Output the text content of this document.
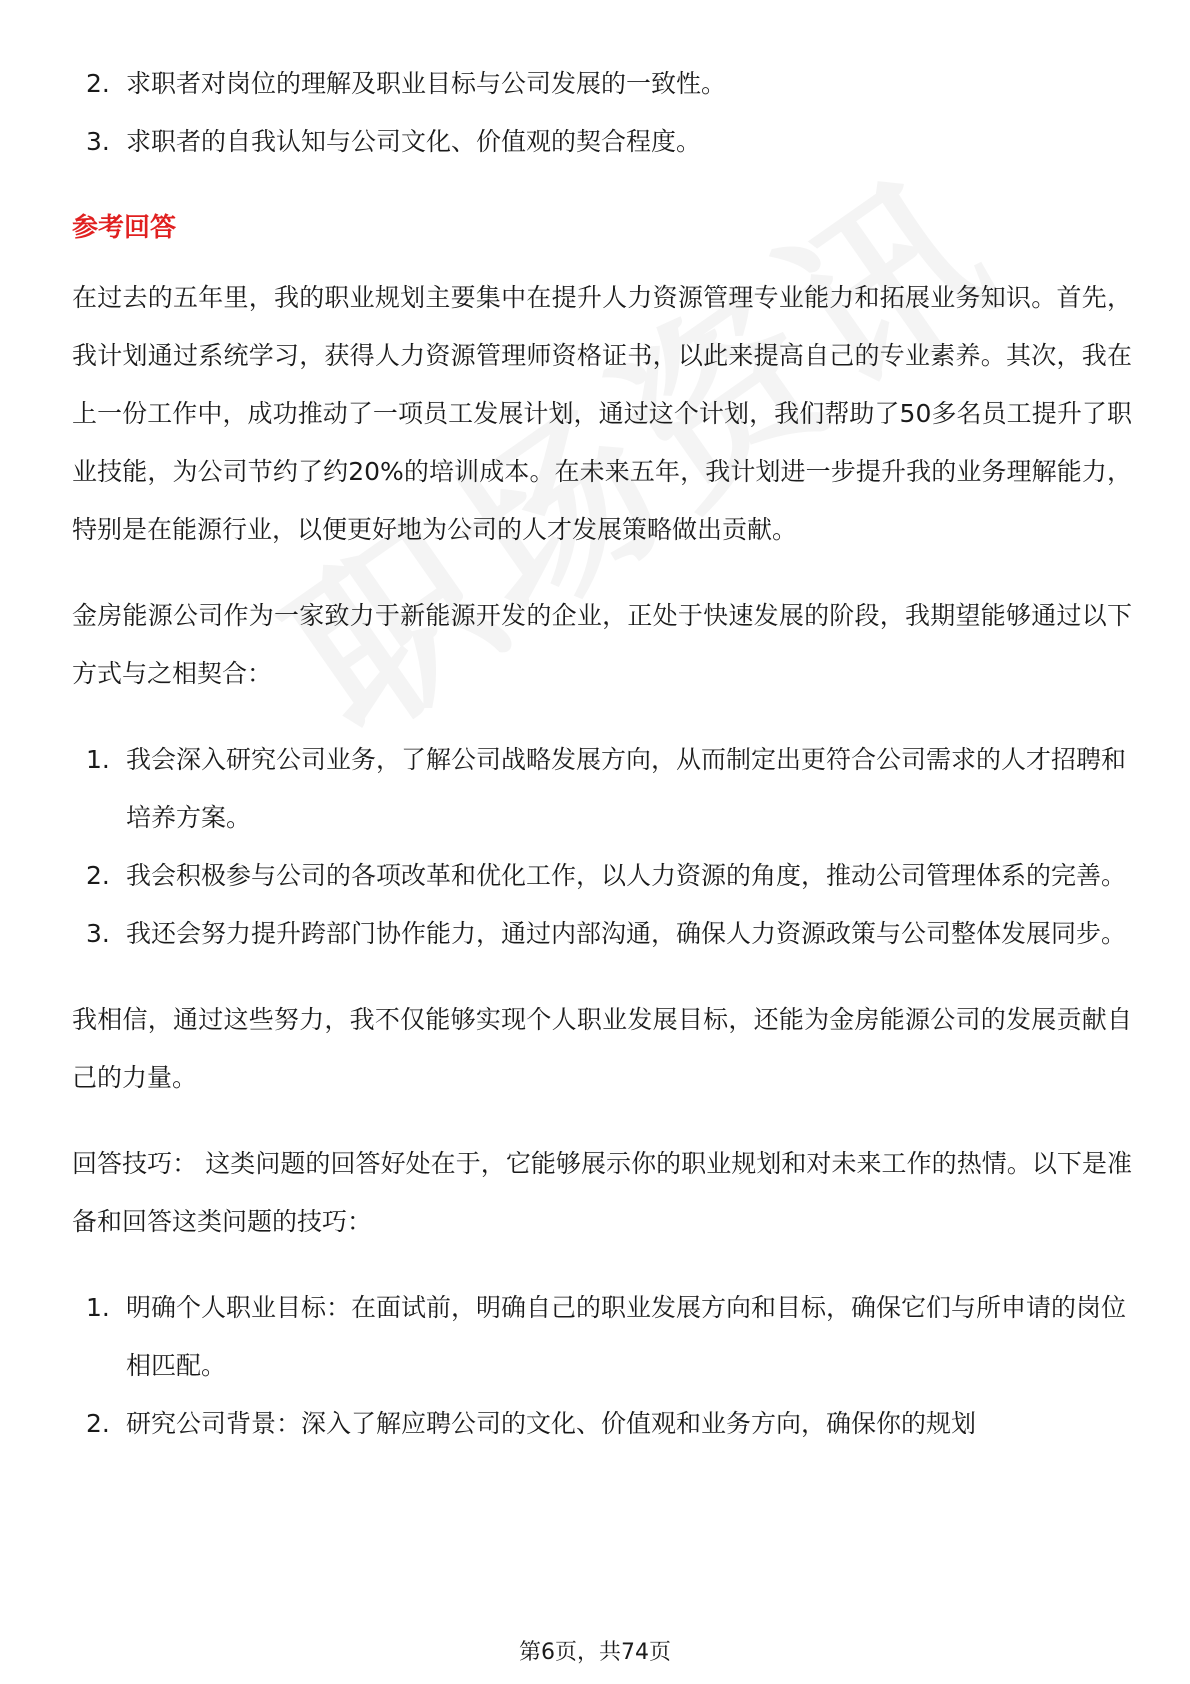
2. 求职者对岗位的理解及职业目标与公司发展的一致性。
3. 求职者的自我认知与公司文化、价值观的契合程度。
参考回答

在过去的五年里，我的职业规划主要集中在提升人力资源管理专业能力和拓展业务知识。首先，我计划通过系统学习，获得人力资源管理师资格证书，以此来提高自己的专业素养。其次，我在上一份工作中，成功推动了一项员工发展计划，通过这个计划，我们帮助了50多名员工提升了职业技能，为公司节约了约20%的培训成本。在未来五年，我计划进一步提升我的业务理解能力，特别是在能源行业，以便更好地为公司的人才发展策略做出贡献。

金房能源公司作为一家致力于新能源开发的企业，正处于快速发展的阶段，我期望能够通过以下方式与之相契合：

1. 我会深入研究公司业务，了解公司战略发展方向，从而制定出更符合公司需求的人才招聘和培养方案。
2. 我会积极参与公司的各项改革和优化工作，以人力资源的角度，推动公司管理体系的完善。
3. 我还会努力提升跨部门协作能力，通过内部沟通，确保人力资源政策与公司整体发展同步。

我相信，通过这些努力，我不仅能够实现个人职业发展目标，还能为金房能源公司的发展贡献自己的力量。

回答技巧： 这类问题的回答好处在于，它能够展示你的职业规划和对未来工作的热情。以下是准备和回答这类问题的技巧：

1. 明确个人职业目标：在面试前，明确自己的职业发展方向和目标，确保它们与所申请的岗位相匹配。
2. 研究公司背景：深入了解应聘公司的文化、价值观和业务方向，确保你的规划
第6页，共74页
